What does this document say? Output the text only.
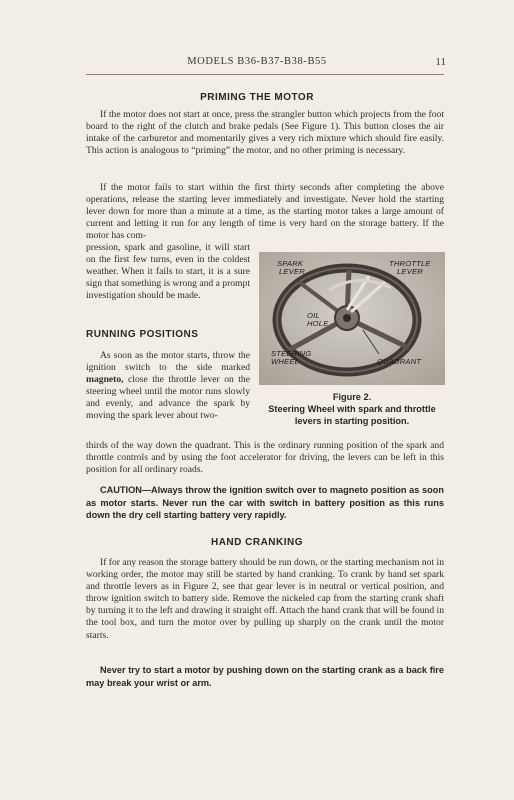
MODELS B36-B37-B38-B55	11
PRIMING THE MOTOR
If the motor does not start at once, press the strangler button which projects from the foot board to the right of the clutch and brake pedals (See Figure 1). This button closes the air intake of the carburetor and momentarily gives a very rich mixture which should fire easily. This action is analogous to “priming” the motor, and no other priming is necessary.
If the motor fails to start within the first thirty seconds after completing the above operations, release the starting lever immediately and investigate. Never hold the starting lever down for more than a minute at a time, as the starting motor takes a large amount of current and letting it run for any length of time is very hard on the storage battery. If the motor has com-
pression, spark and gasoline, it will start on the first few turns, even in the coldest weather. When it fails to start, it is a sure sign that something is wrong and a prompt investigation should be made.
RUNNING POSITIONS
As soon as the motor starts, throw the ignition switch to the side marked magneto, close the throttle lever on the steering wheel until the motor runs slowly and evenly, and advance the spark by moving the spark lever about two-
SPARK
LEVER
THROTTLE
LEVER
OIL
HOLE
STEERING
WHEEL	QUADRANT
Figure 2.
Steering Wheel with spark and throttle
levers in starting position.
thirds of the way down the quadrant. This is the ordinary running position of the spark and throttle controls and by using the foot accelerator for driving, the levers can be left in this position for all ordinary roads.
CAUTION—Always throw the ignition switch over to magneto position as soon as motor starts. Never run the car with switch in battery position as this runs down the dry cell starting battery very rapidly.
HAND CRANKING
If for any reason the storage battery should be run down, or the starting mechanism not in working order, the motor may still be started by hand cranking. To crank by hand set spark and throttle levers as in Figure 2, see that gear lever is in neutral or vertical position, and throw ignition switch to battery side. Remove the nickeled cap from the starting crank shaft by turning it to the left and drawing it straight off. Attach the hand crank that will be found in the tool box, and turn the motor over by pulling up sharply on the crank until the motor starts.
Never try to start a motor by pushing down on the starting crank as a back fire may break your wrist or arm.
